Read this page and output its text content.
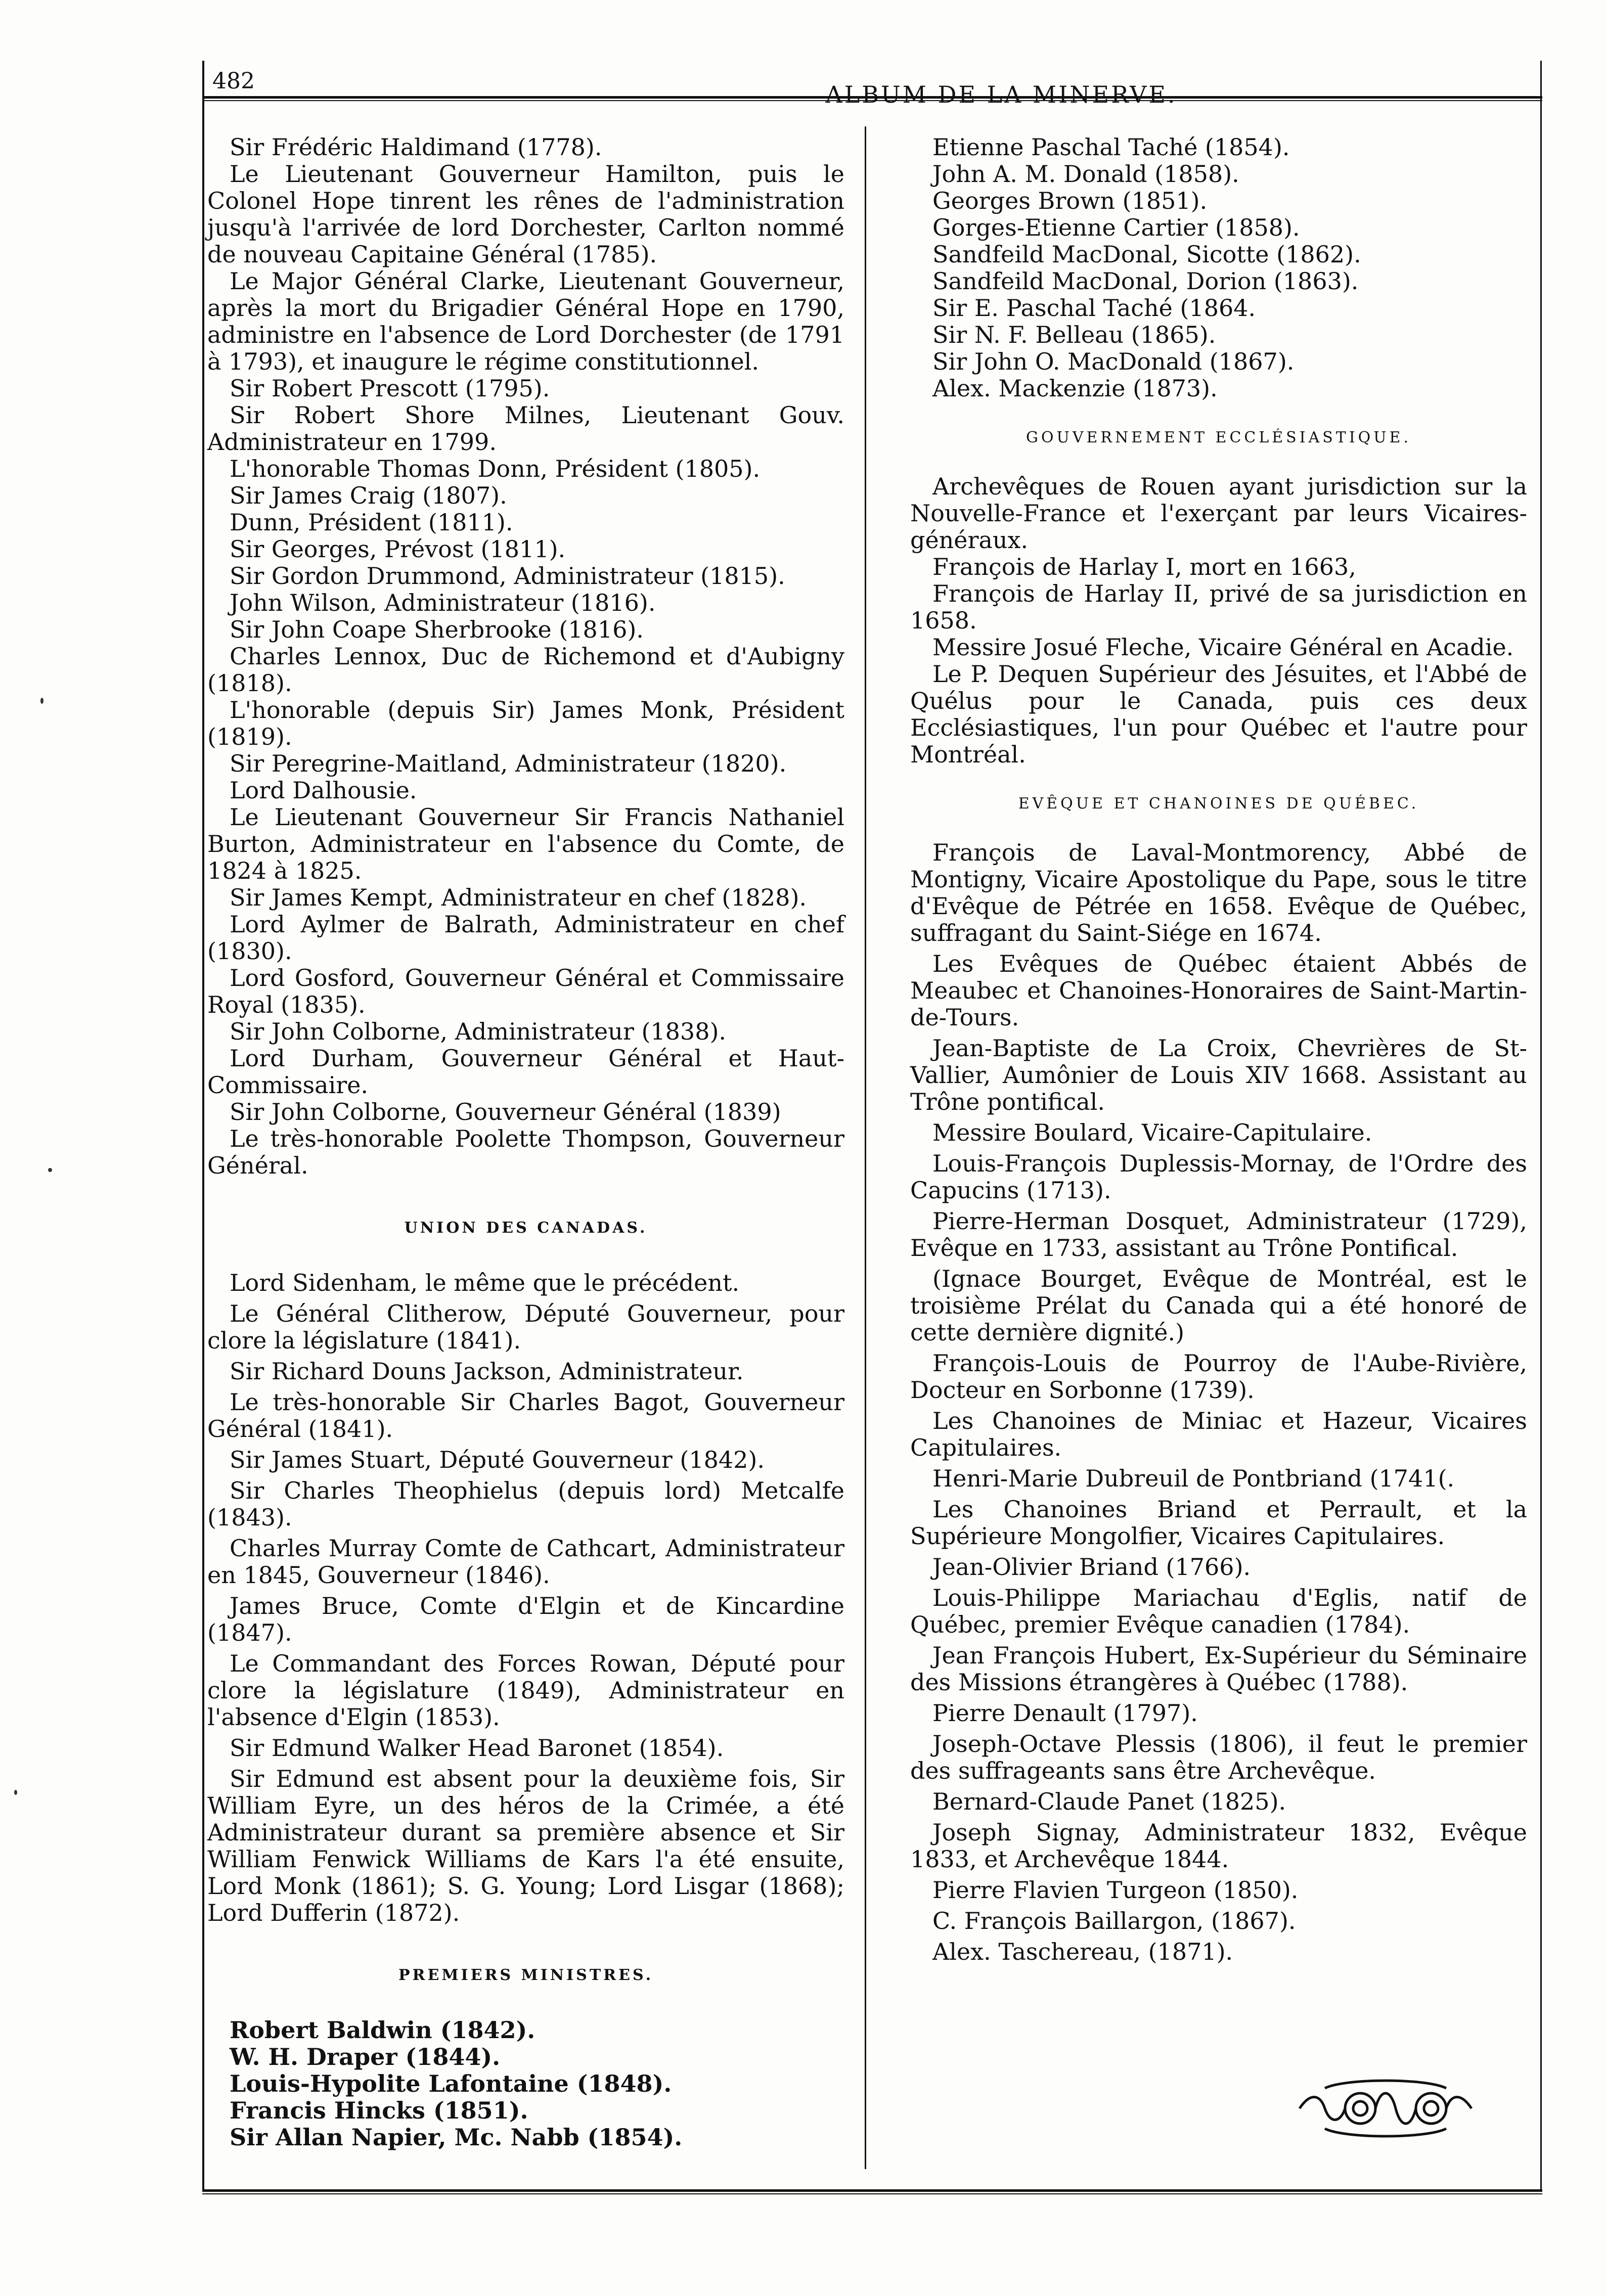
482	ALBUM DE LA MINERVE.

Sir Frédéric Haldimand (1778).

Le Lieutenant Gouverneur Hamilton, puis le Colonel Hope tinrent les rênes de l'administration jusqu'à l'arrivée de lord Dorchester, Carlton nommé de nouveau Capitaine Général (1785).

Le Major Général Clarke, Lieutenant Gouverneur, après la mort du Brigadier Général Hope en 1790, administre en l'absence de Lord Dorchester (de 1791 à 1793), et inaugure le régime constitutionnel.

Sir Robert Prescott (1795).

Sir Robert Shore Milnes, Lieutenant Gouv. Administrateur en 1799.

L'honorable Thomas Donn, Président (1805).

Sir James Craig (1807).

Dunn, Président (1811).

Sir Georges, Prévost (1811).

Sir Gordon Drummond, Administrateur (1815).

John Wilson, Administrateur (1816).

Sir John Coape Sherbrooke (1816).

Charles Lennox, Duc de Richemond et d'Aubigny (1818).

L'honorable (depuis Sir) James Monk, Président (1819).

Sir Peregrine-Maitland, Administrateur (1820).

Lord Dalhousie.

Le Lieutenant Gouverneur Sir Francis Nathaniel Burton, Administrateur en l'absence du Comte, de 1824 à 1825.

Sir James Kempt, Administrateur en chef (1828).

Lord Aylmer de Balrath, Administrateur en chef (1830).

Lord Gosford, Gouverneur Général et Commissaire Royal (1835).

Sir John Colborne, Administrateur (1838).

Lord Durham, Gouverneur Général et Haut-Commissaire.

Sir John Colborne, Gouverneur Général (1839)

Le très-honorable Poolette Thompson, Gouverneur Général.

UNION DES CANADAS.

Lord Sidenham, le même que le précédent.

Le Général Clitherow, Député Gouverneur, pour clore la législature (1841).

Sir Richard Douns Jackson, Administrateur.

Le très-honorable Sir Charles Bagot, Gouverneur Général (1841).

Sir James Stuart, Député Gouverneur (1842).

Sir Charles Theophielus (depuis lord) Metcalfe (1843).

Charles Murray Comte de Cathcart, Administrateur en 1845, Gouverneur (1846).

James Bruce, Comte d'Elgin et de Kincardine (1847).

Le Commandant des Forces Rowan, Député pour clore la législature (1849), Administrateur en l'absence d'Elgin (1853).

Sir Edmund Walker Head Baronet (1854).

Sir Edmund est absent pour la deuxième fois, Sir William Eyre, un des héros de la Crimée, a été Administrateur durant sa première absence et Sir William Fenwick Williams de Kars l'a été ensuite, Lord Monk (1861); S. G. Young; Lord Lisgar (1868); Lord Dufferin (1872).

PREMIERS MINISTRES.

Robert Baldwin (1842).

W. H. Draper (1844).

Louis-Hypolite Lafontaine (1848).

Francis Hincks (1851).

Sir Allan Napier, Mc. Nabb (1854).

Etienne Paschal Taché (1854).

John A. M. Donald (1858).

Georges Brown (1851).

Gorges-Etienne Cartier (1858).

Sandfeild MacDonal, Sicotte (1862).

Sandfeild MacDonal, Dorion (1863).

Sir E. Paschal Taché (1864.

Sir N. F. Belleau (1865).

Sir John O. MacDonald (1867).

Alex. Mackenzie (1873).

GOUVERNEMENT ECCLÉSIASTIQUE.

Archevêques de Rouen ayant jurisdiction sur la Nouvelle-France et l'exerçant par leurs Vicaires-généraux.

François de Harlay I, mort en 1663,

François de Harlay II, privé de sa jurisdiction en 1658.

Messire Josué Fleche, Vicaire Général en Acadie.

Le P. Dequen Supérieur des Jésuites, et l'Abbé de Quélus pour le Canada, puis ces deux Ecclésiastiques, l'un pour Québec et l'autre pour Montréal.

EVÊQUE ET CHANOINES DE QUÉBEC.

François de Laval-Montmorency, Abbé de Montigny, Vicaire Apostolique du Pape, sous le titre d'Evêque de Pétrée en 1658. Evêque de Québec, suffragant du Saint-Siége en 1674.

Les Evêques de Québec étaient Abbés de Meaubec et Chanoines-Honoraires de Saint-Martin-de-Tours.

Jean-Baptiste de La Croix, Chevrières de St-Vallier, Aumônier de Louis XIV 1668. Assistant au Trône pontifical.

Messire Boulard, Vicaire-Capitulaire.

Louis-François Duplessis-Mornay, de l'Ordre des Capucins (1713).

Pierre-Herman Dosquet, Administrateur (1729), Evêque en 1733, assistant au Trône Pontifical.

(Ignace Bourget, Evêque de Montréal, est le troisième Prélat du Canada qui a été honoré de cette dernière dignité.)

François-Louis de Pourroy de l'Aube-Rivière, Docteur en Sorbonne (1739).

Les Chanoines de Miniac et Hazeur, Vicaires Capitulaires.

Henri-Marie Dubreuil de Pontbriand (1741(.

Les Chanoines Briand et Perrault, et la Supérieure Mongolfier, Vicaires Capitulaires.

Jean-Olivier Briand (1766).

Louis-Philippe Mariachau d'Eglis, natif de Québec, premier Evêque canadien (1784).

Jean François Hubert, Ex-Supérieur du Séminaire des Missions étrangères à Québec (1788).

Pierre Denault (1797).

Joseph-Octave Plessis (1806), il feut le premier des suffrageants sans être Archevêque.

Bernard-Claude Panet (1825).

Joseph Signay, Administrateur 1832, Evêque 1833, et Archevêque 1844.

Pierre Flavien Turgeon (1850).

C. François Baillargon, (1867).

Alex. Taschereau, (1871).
